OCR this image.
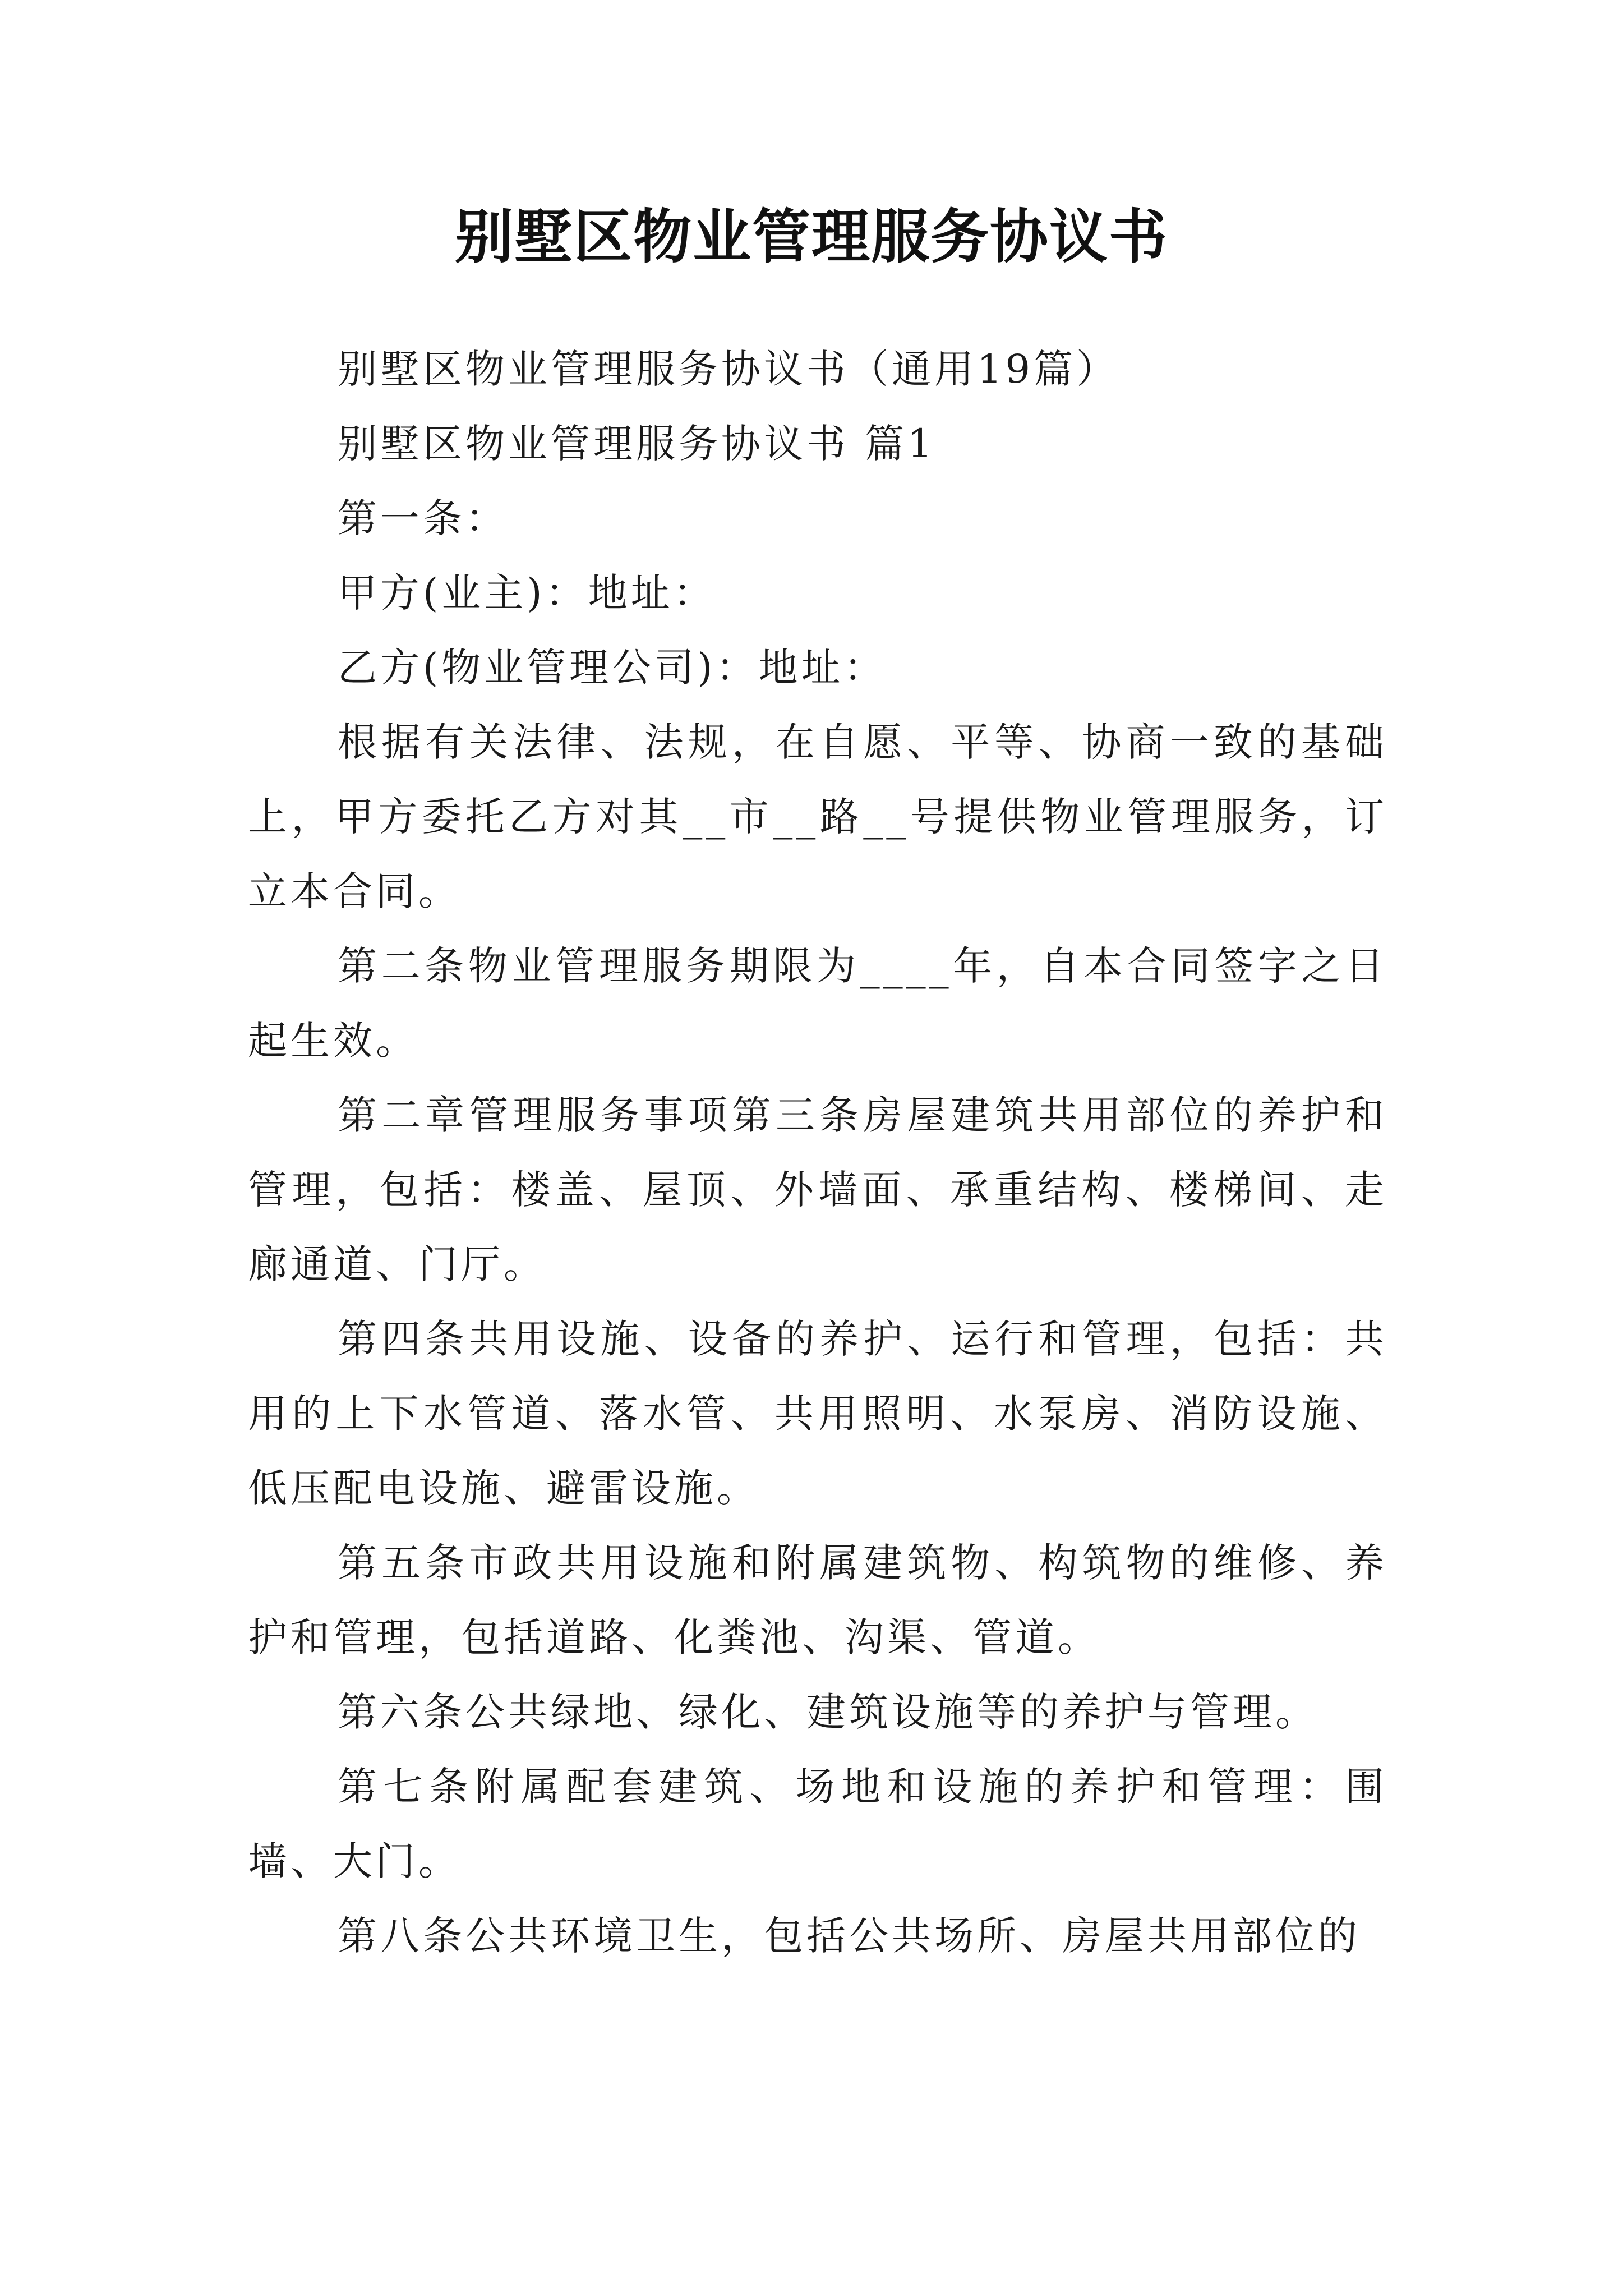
别墅区物业管理服务协议书

别墅区物业管理服务协议书（通用19篇）

别墅区物业管理服务协议书 篇1

第一条：

甲方(业主)：地址：

乙方(物业管理公司)：地址：

根据有关法律、法规，在自愿、平等、协商一致的基础上，甲方委托乙方对其__市__路__号提供物业管理服务，订立本合同。

第二条物业管理服务期限为____年，自本合同签字之日起生效。

第二章管理服务事项第三条房屋建筑共用部位的养护和管理，包括：楼盖、屋顶、外墙面、承重结构、楼梯间、走廊通道、门厅。

第四条共用设施、设备的养护、运行和管理，包括：共用的上下水管道、落水管、共用照明、水泵房、消防设施、低压配电设施、避雷设施。

第五条市政共用设施和附属建筑物、构筑物的维修、养护和管理，包括道路、化粪池、沟渠、管道。

第六条公共绿地、绿化、建筑设施等的养护与管理。

第七条附属配套建筑、场地和设施的养护和管理：围墙、大门。

第八条公共环境卫生，包括公共场所、房屋共用部位的
